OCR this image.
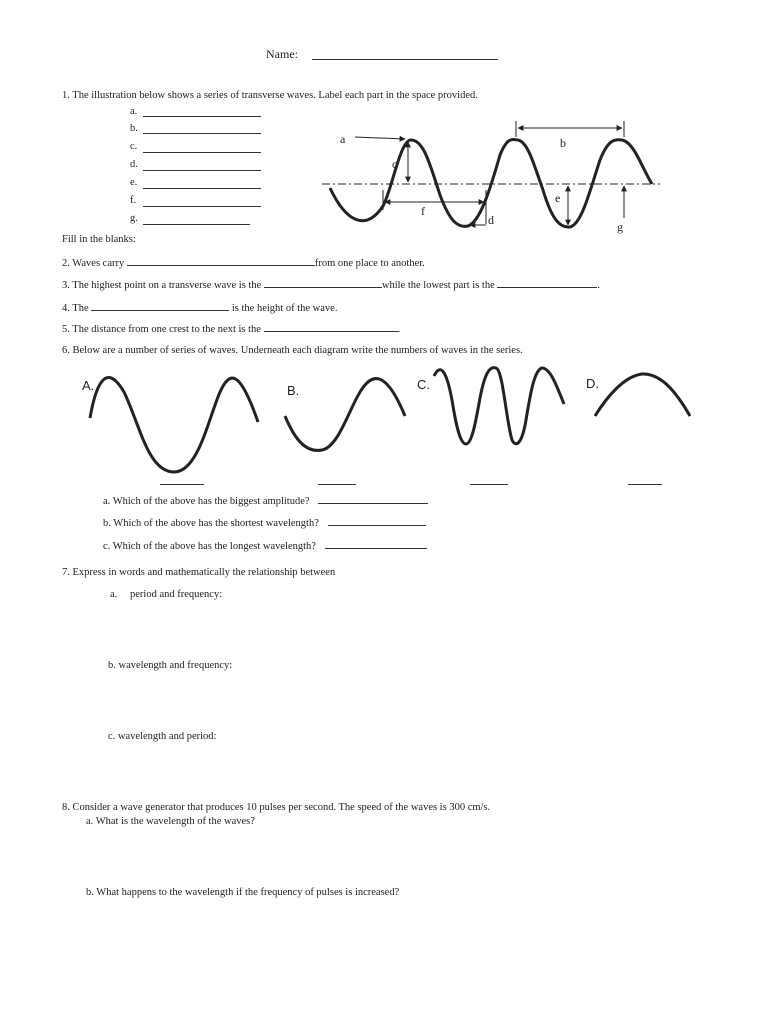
Name:
1. The illustration below shows a series of transverse waves. Label each part in the space provided.
a.
b.
c.
d.
e.
f.
g.
a
c
b
f
d
e
g
Fill in the blanks:
2. Waves carry	from one place to another.
3. The highest point on a transverse wave is the	while the lowest part is the	.
4. The	is the height of the wave.
5. The distance from one crest to the next is the	.
6. Below are a number of series of waves. Underneath each diagram write the numbers of waves in the series.
A.	B.	C.	D.
a. Which of the above has the biggest amplitude?
b. Which of the above has the shortest wavelength?
c. Which of the above has the longest wavelength?
7. Express in words and mathematically the relationship between
a. period and frequency:
b. wavelength and frequency:
c. wavelength and period:
8. Consider a wave generator that produces 10 pulses per second. The speed of the waves is 300 cm/s.
a. What is the wavelength of the waves?
b. What happens to the wavelength if the frequency of pulses is increased?
